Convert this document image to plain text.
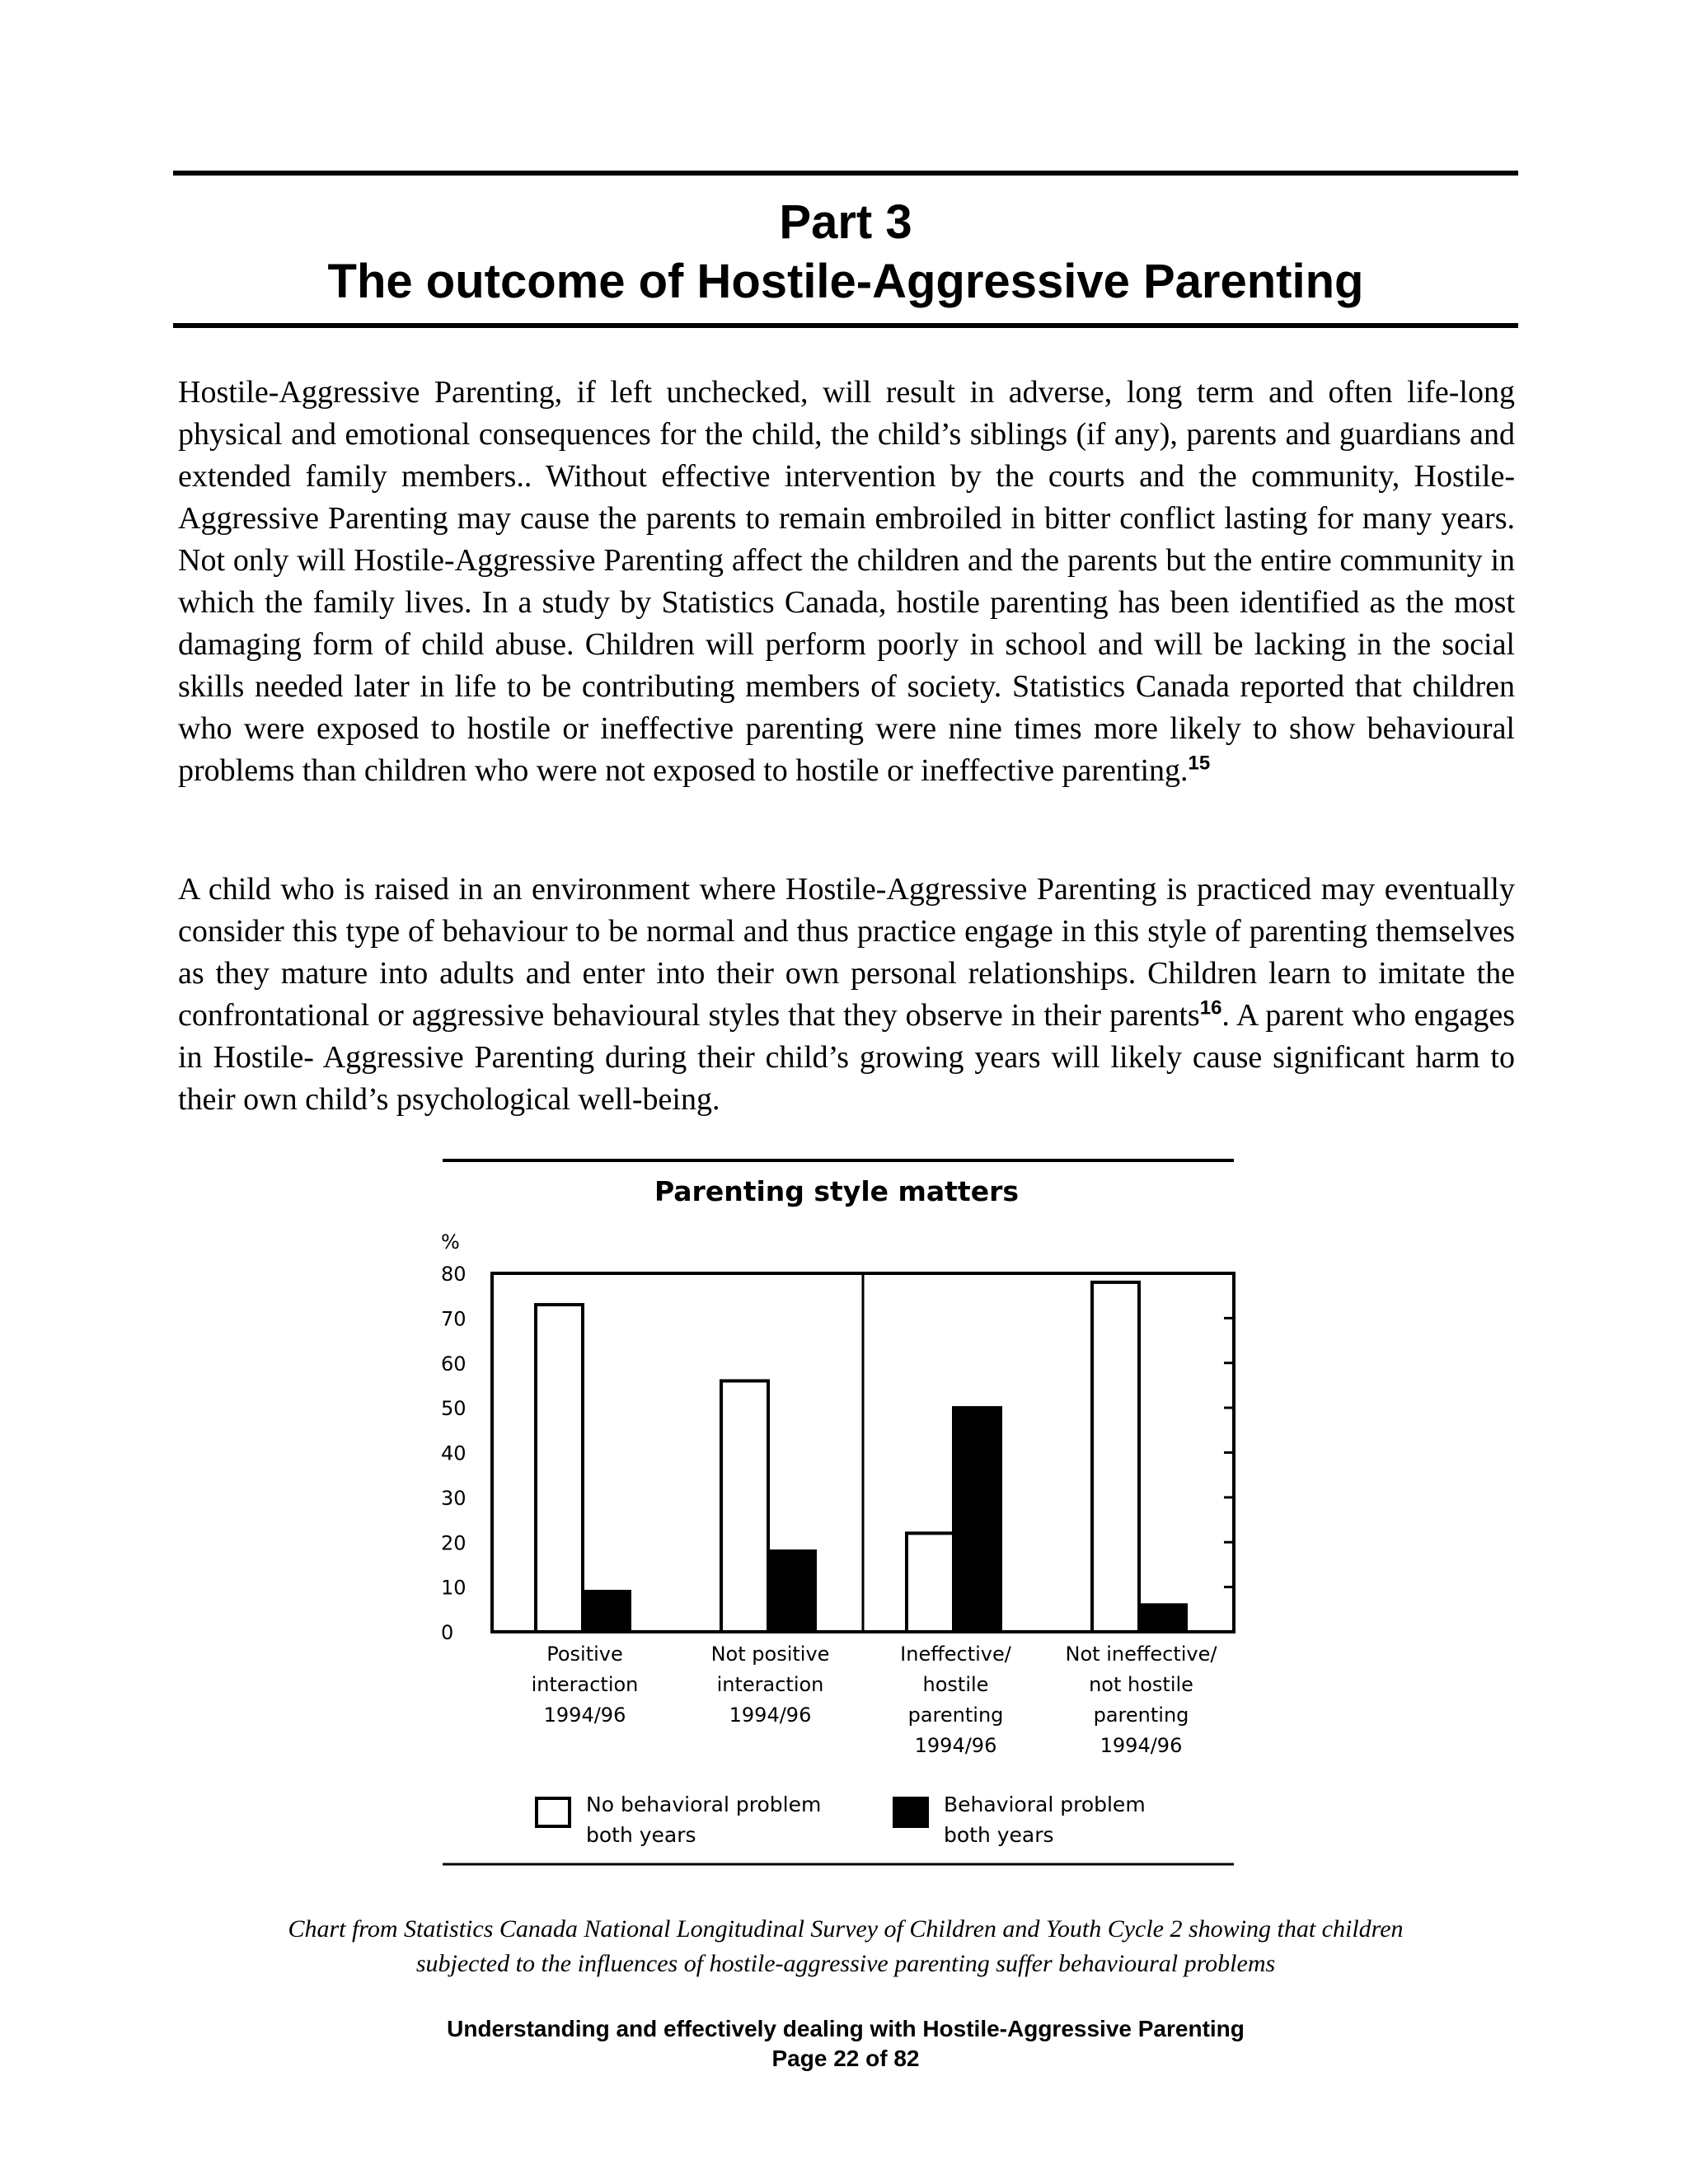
Part 3
The outcome of Hostile-Aggressive Parenting

Hostile-Aggressive Parenting, if left unchecked, will result in adverse, long term and often life-long physical and emotional consequences for the child, the child’s siblings (if any), parents and guardians and extended family members.. Without effective intervention by the courts and the community, Hostile-Aggressive Parenting may cause the parents to remain embroiled in bitter conflict lasting for many years. Not only will Hostile-Aggressive Parenting affect the children and the parents but the entire community in which the family lives. In a study by Statistics Canada, hostile parenting has been identified as the most damaging form of child abuse. Children will perform poorly in school and will be lacking in the social skills needed later in life to be contributing members of society. Statistics Canada reported that children who were exposed to hostile or ineffective parenting were nine times more likely to show behavioural problems than children who were not exposed to hostile or ineffective parenting.$^{15}$

A child who is raised in an environment where Hostile-Aggressive Parenting is practiced may eventually consider this type of behaviour to be normal and thus practice engage in this style of parenting themselves as they mature into adults and enter into their own personal relationships. Children learn to imitate the confrontational or aggressive behavioural styles that they observe in their parents$^{16}$. A parent who engages in Hostile- Aggressive Parenting during their child’s growing years will likely cause significant harm to their own child’s psychological well-being.

Parenting style matters
%
0
10
20
30
40
50
60
70
80
Positive
interaction
1994/96
Not positive
interaction
1994/96
Ineffective/
hostile
parenting
1994/96
Not ineffective/
not hostile
parenting
1994/96
No behavioral problem
both years
Behavioral problem
both years
Chart from Statistics Canada National Longitudinal Survey of Children and Youth Cycle 2 showing that children
subjected to the influences of hostile-aggressive parenting suffer behavioural problems
Understanding and effectively dealing with Hostile-Aggressive Parenting
Page 22 of 82
